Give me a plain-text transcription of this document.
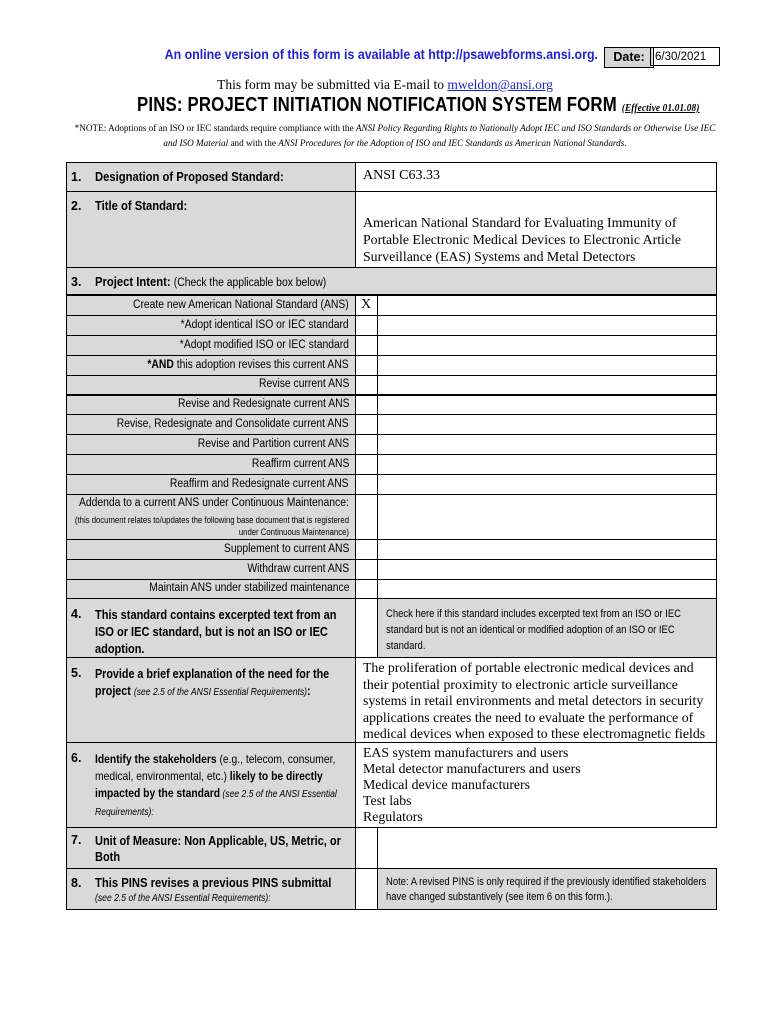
An online version of this form is available at http://psawebforms.ansi.org.	Date: 6/30/2021
This form may be submitted via E-mail to mweldon@ansi.org
PINS: PROJECT INITIATION NOTIFICATION SYSTEM FORM (Effective 01.01.08)
*NOTE: Adoptions of an ISO or IEC standards require compliance with the ANSI Policy Regarding Rights to Nationally Adopt IEC and ISO Standards or Otherwise Use IEC and ISO Material and with the ANSI Procedures for the Adoption of ISO and IEC Standards as American National Standards.
1. Designation of Proposed Standard:	ANSI C63.33
2. Title of Standard:
American National Standard for Evaluating Immunity of Portable Electronic Medical Devices to Electronic Article Surveillance (EAS) Systems and Metal Detectors
3. Project Intent: (Check the applicable box below)
Create new American National Standard (ANS) X
*Adopt identical ISO or IEC standard
*Adopt modified ISO or IEC standard
*AND this adoption revises this current ANS
Revise current ANS
Revise and Redesignate current ANS
Revise, Redesignate and Consolidate current ANS
Revise and Partition current ANS
Reaffirm current ANS
Reaffirm and Redesignate current ANS
Addenda to a current ANS under Continuous Maintenance:
(this document relates to/updates the following base document that is registered under Continuous Maintenance)
Supplement to current ANS
Withdraw current ANS
Maintain ANS under stabilized maintenance
4. This standard contains excerpted text from an ISO or IEC standard, but is not an ISO or IEC adoption.
Check here if this standard includes excerpted text from an ISO or IEC standard but is not an identical or modified adoption of an ISO or IEC standard.
5. Provide a brief explanation of the need for the project (see 2.5 of the ANSI Essential Requirements):
The proliferation of portable electronic medical devices and their potential proximity to electronic article surveillance systems in retail environments and metal detectors in security applications creates the need to evaluate the performance of medical devices when exposed to these electromagnetic fields
6. Identify the stakeholders (e.g., telecom, consumer, medical, environmental, etc.) likely to be directly impacted by the standard (see 2.5 of the ANSI Essential Requirements):
EAS system manufacturers and users
Metal detector manufacturers and users
Medical device manufacturers
Test labs
Regulators
7. Unit of Measure: Non Applicable, US, Metric, or Both
8. This PINS revises a previous PINS submittal
(see 2.5 of the ANSI Essential Requirements):
Note: A revised PINS is only required if the previously identified stakeholders have changed substantively (see item 6 on this form.).
